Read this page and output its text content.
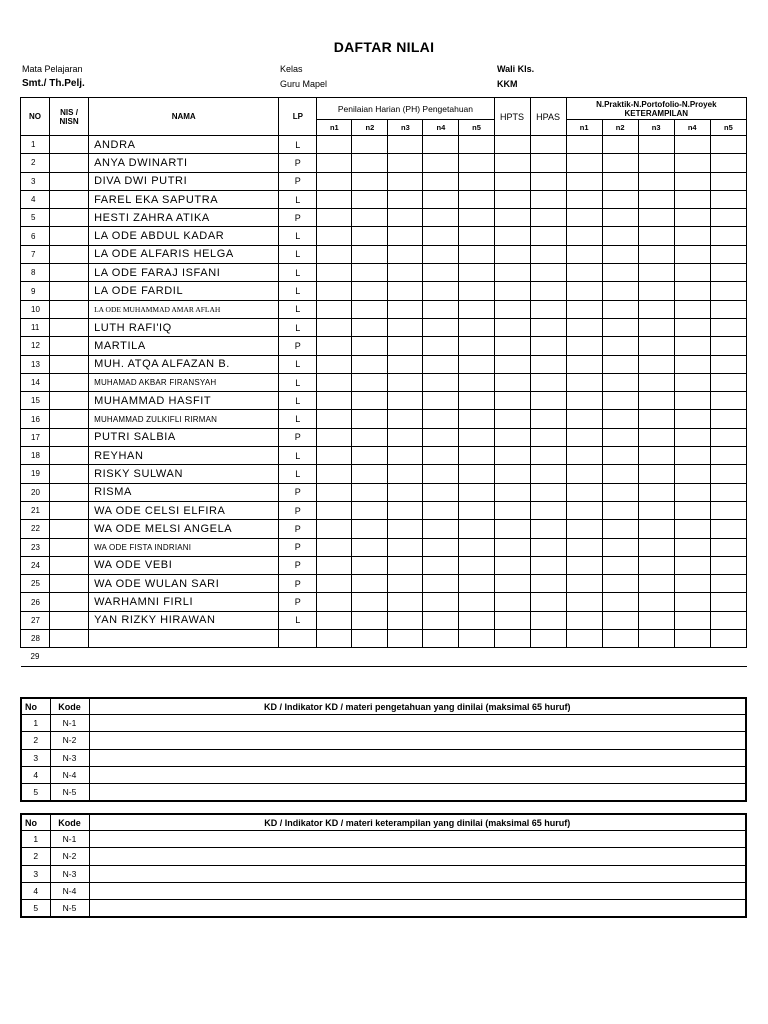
DAFTAR NILAI
Mata Pelajaran
Smt./ Th.Pelj.
Kelas
Guru Mapel
Wali Kls.
KKM
NO	NIS / NISN	NAMA	LP	Penilaian Harian (PH) Pengetahuan					HPTS	HPAS	N.Praktik-N.Portofolio-N.Proyek
KETERAMPILAN				

				n1	n2	n3	n4	n5			n1	n2	n3	n4	n5
1		ANDRA	L												
2		ANYA DWINARTI	P												
3		DIVA DWI PUTRI	P												
4		FAREL EKA SAPUTRA	L												
5		HESTI ZAHRA ATIKA	P												
6		LA ODE ABDUL KADAR	L												
7		LA ODE ALFARIS HELGA	L												
8		LA ODE FARAJ ISFANI	L												
9		LA ODE FARDIL	L												
10		LA ODE MUHAMMAD AMAR AFLAH	L												
11		LUTH RAFI'IQ	L												
12		MARTILA	P												
13		MUH. ATQA ALFAZAN B.	L												
14		MUHAMAD AKBAR FIRANSYAH	L												
15		MUHAMMAD HASFIT	L												
16		MUHAMMAD ZULKIFLI RIRMAN	L												
17		PUTRI SALBIA	P												
18		REYHAN	L												
19		RISKY SULWAN	L												
20		RISMA	P												
21		WA ODE CELSI ELFIRA	P												
22		WA ODE MELSI ANGELA	P												
23		WA ODE FISTA INDRIANI	P												
24		WA ODE VEBI	P												
25		WA ODE WULAN SARI	P												
26		WARHAMNI FIRLI	P												
27		YAN RIZKY HIRAWAN	L												
28															
29															
No	Kode	KD / Indikator KD / materi pengetahuan yang dinilai (maksimal 65 huruf)
1	N-1	
2	N-2	
3	N-3	
4	N-4	
5	N-5	
No	Kode	KD / Indikator KD / materi keterampilan yang dinilai (maksimal 65 huruf)
1	N-1	
2	N-2	
3	N-3	
4	N-4	
5	N-5	
